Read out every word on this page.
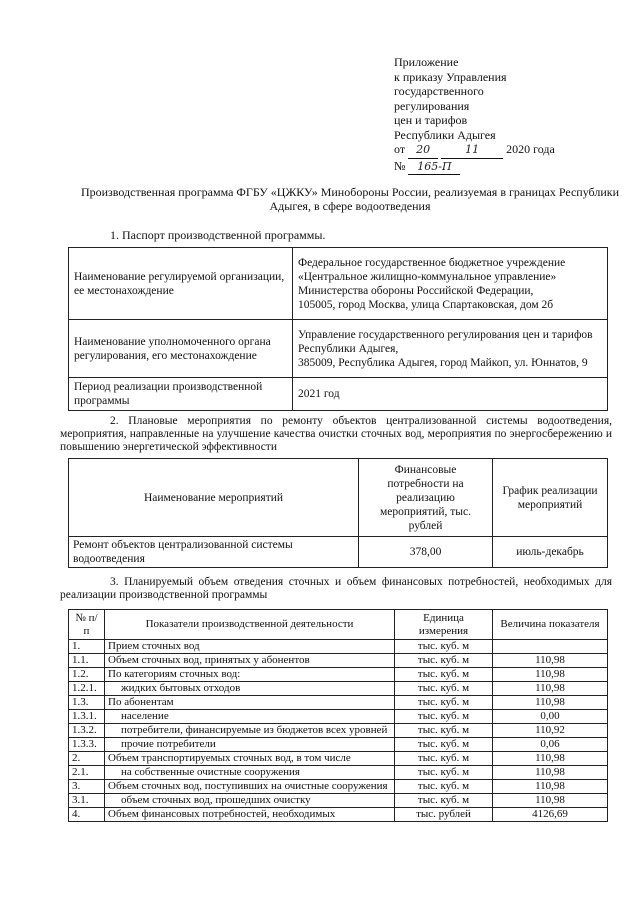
Приложение
к приказу Управления
государственного
регулирования
цен и тарифов
Республики Адыгея
от 20	11 2020 года
№ 165-П
Производственная программа ФГБУ «ЦЖКУ» Минобороны России, реализуемая в границах Республики Адыгея, в сфере водоотведения
1. Паспорт производственной программы.
Наименование регулируемой организации, ее местонахождение	Федеральное государственное бюджетное учреждение «Центральное жилищно-коммунальное управление» Министерства обороны Российской Федерации,
105005, город Москва, улица Спартаковская, дом 2б

Наименование уполномоченного органа регулирования, его местонахождение	Управление государственного регулирования цен и тарифов Республики Адыгея,
385009, Республика Адыгея, город Майкоп, ул. Юннатов, 9

Период реализации производственной программы	2021 год
2. Плановые мероприятия по ремонту объектов централизованной системы водоотведения, мероприятия, направленные на улучшение качества очистки сточных вод, мероприятия по энергосбережению и повышению энергетической эффективности
Наименование мероприятий	Финансовые потребности на реализацию мероприятий, тыс. рублей	График реализации мероприятий
Ремонт объектов централизованной системы водоотведения	378,00	июль-декабрь
3. Планируемый объем отведения сточных и объем финансовых потребностей, необходимых для реализации производственной программы
№ п/п	Показатели производственной деятельности	Единица измерения	Величина показателя
1.	Прием сточных вод	тыс. куб. м	
1.1.	Объем сточных вод, принятых у абонентов	тыс. куб. м	110,98
1.2.	По категориям сточных вод:	тыс. куб. м	110,98
1.2.1.	жидких бытовых отходов	тыс. куб. м	110,98
1.3.	По абонентам	тыс. куб. м	110,98
1.3.1.	население	тыс. куб. м	0,00
1.3.2.	потребители, финансируемые из бюджетов всех уровней	тыс. куб. м	110,92
1.3.3.	прочие потребители	тыс. куб. м	0,06
2.	Объем транспортируемых сточных вод, в том числе	тыс. куб. м	110,98
2.1.	на собственные очистные сооружения	тыс. куб. м	110,98
3.	Объем сточных вод, поступивших на очистные сооружения	тыс. куб. м	110,98
3.1.	объем сточных вод, прошедших очистку	тыс. куб. м	110,98
4.	Объем финансовых потребностей, необходимых	тыс. рублей	4126,69
